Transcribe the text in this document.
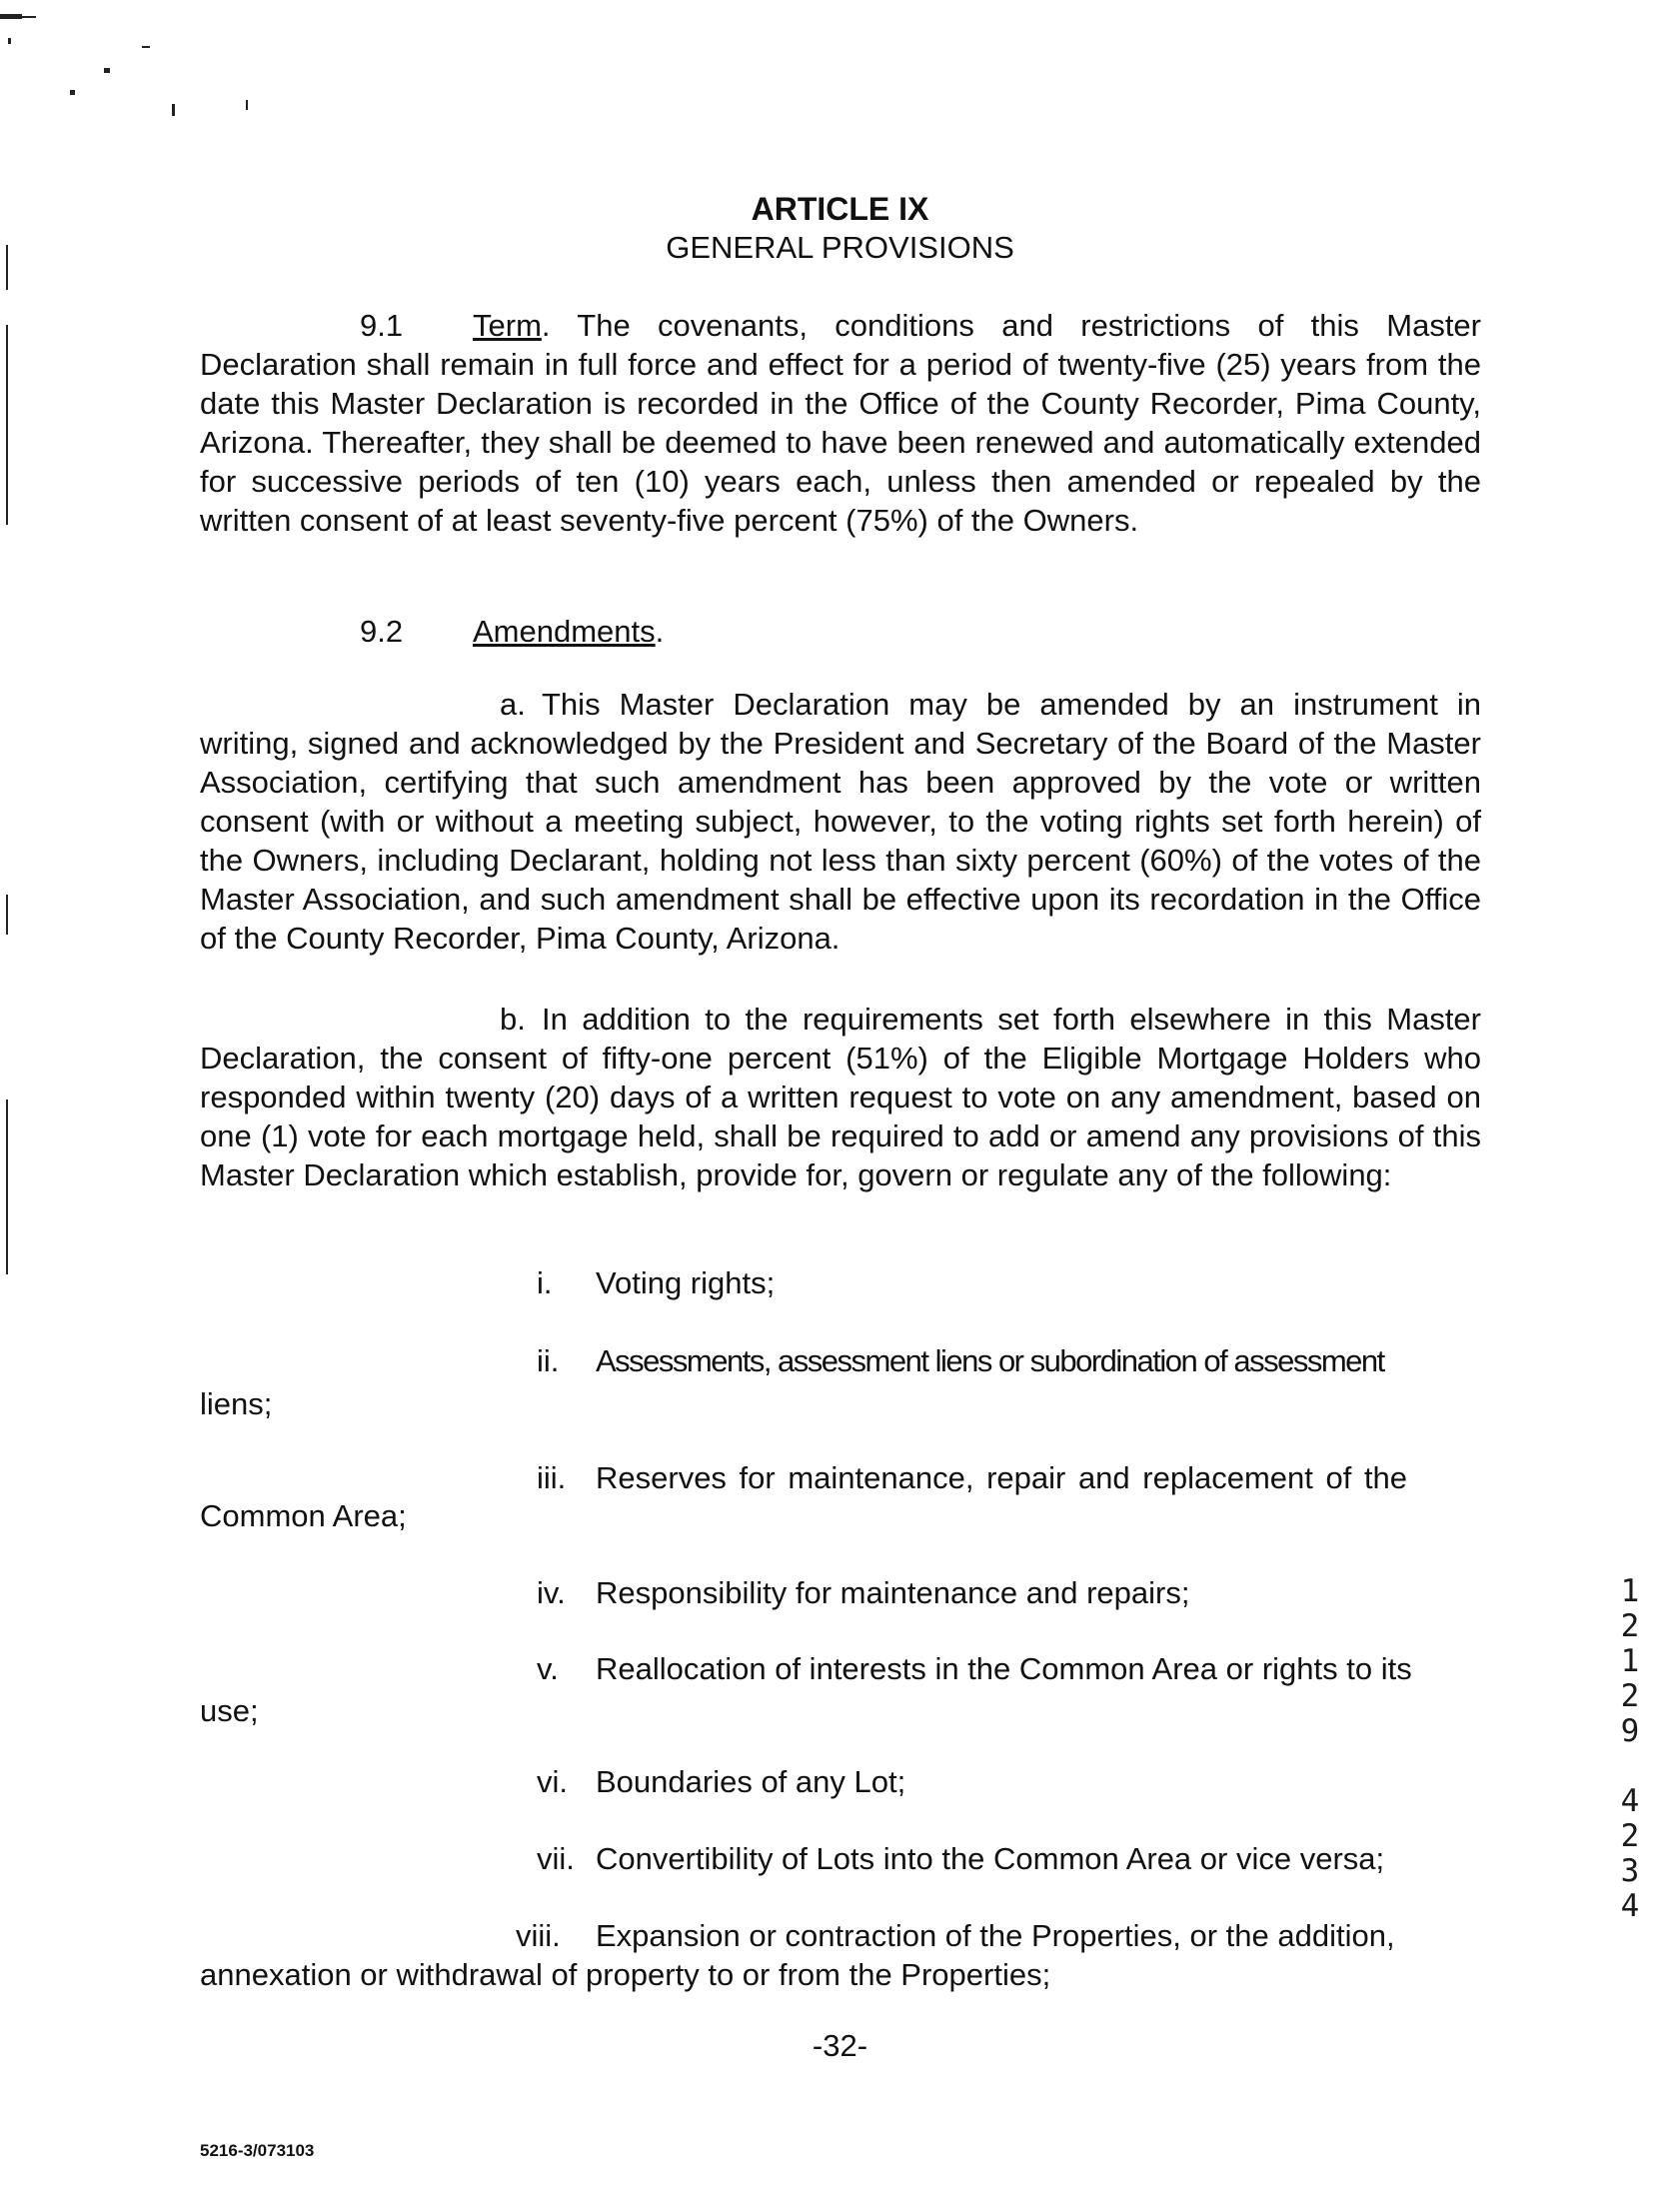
ARTICLE IX
GENERAL PROVISIONS
9.1 Term. The covenants, conditions and restrictions of this Master Declaration shall remain in full force and effect for a period of twenty-five (25) years from the date this Master Declaration is recorded in the Office of the County Recorder, Pima County, Arizona. Thereafter, they shall be deemed to have been renewed and automatically extended for successive periods of ten (10) years each, unless then amended or repealed by the written consent of at least seventy-five percent (75%) of the Owners.
9.2 Amendments.
a. This Master Declaration may be amended by an instrument in writing, signed and acknowledged by the President and Secretary of the Board of the Master Association, certifying that such amendment has been approved by the vote or written consent (with or without a meeting subject, however, to the voting rights set forth herein) of the Owners, including Declarant, holding not less than sixty percent (60%) of the votes of the Master Association, and such amendment shall be effective upon its recordation in the Office of the County Recorder, Pima County, Arizona.
b. In addition to the requirements set forth elsewhere in this Master Declaration, the consent of fifty-one percent (51%) of the Eligible Mortgage Holders who responded within twenty (20) days of a written request to vote on any amendment, based on one (1) vote for each mortgage held, shall be required to add or amend any provisions of this Master Declaration which establish, provide for, govern or regulate any of the following:
i. Voting rights;
ii. Assessments, assessment liens or subordination of assessment
liens;
iii. Reserves for maintenance, repair and replacement of the
Common Area;
iv. Responsibility for maintenance and repairs;
v. Reallocation of interests in the Common Area or rights to its
use;
vi. Boundaries of any Lot;
vii. Convertibility of Lots into the Common Area or vice versa;
viii. Expansion or contraction of the Properties, or the addition,
annexation or withdrawal of property to or from the Properties;
-32-
5216-3/073103
1
2
1
2
9
4
2
3
4
